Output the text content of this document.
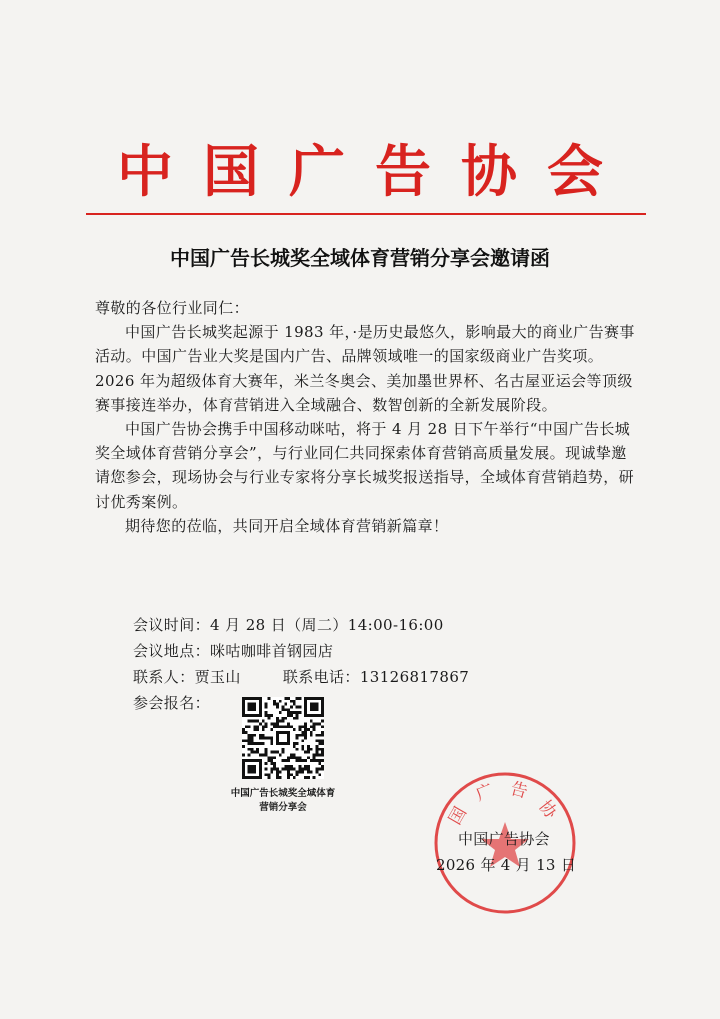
中国广告协会
中国广告长城奖全域体育营销分享会邀请函

尊敬的各位行业同仁：

中国广告长城奖起源于 1983 年，·是历史最悠久，影响最大的商业广告赛事活动。中国广告业大奖是国内广告、品牌领域唯一的国家级商业广告奖项。2026 年为超级体育大赛年，米兰冬奥会、美加墨世界杯、名古屋亚运会等顶级赛事接连举办，体育营销进入全域融合、数智创新的全新发展阶段。

中国广告协会携手中国移动咪咕，将于 4 月 28 日下午举行“中国广告长城奖全域体育营销分享会”，与行业同仁共同探索体育营销高质量发展。现诚挚邀请您参会，现场协会与行业专家将分享长城奖报送指导，全域体育营销趋势，研讨优秀案例。

期待您的莅临，共同开启全域体育营销新篇章！

会议时间：4 月 28 日（周二）14:00-16:00
会议地点：咪咕咖啡首钢园店
联系人：贾玉山	联系电话：13126817867
参会报名：
中国广告长城奖全域体育
营销分享会	国
广 告
协
中国广告协会
2026 年 4 月 13 日
